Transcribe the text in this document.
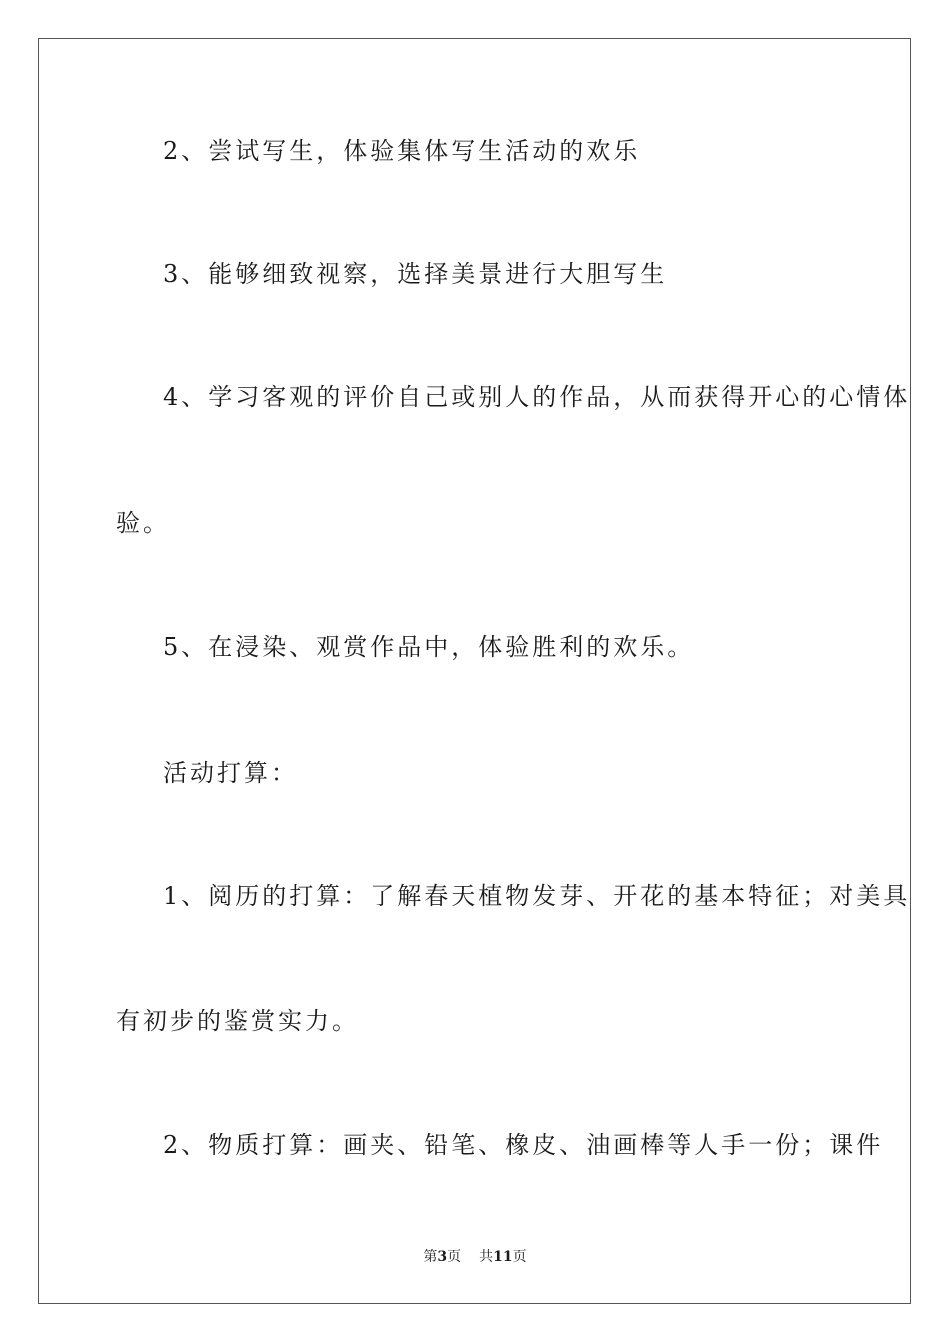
2、尝试写生，体验集体写生活动的欢乐
3、能够细致视察，选择美景进行大胆写生
4、学习客观的评价自己或别人的作品，从而获得开心的心情体
验。
5、在浸染、观赏作品中，体验胜利的欢乐。
活动打算：
1、阅历的打算：了解春天植物发芽、开花的基本特征；对美具
有初步的鉴赏实力。
2、物质打算：画夹、铅笔、橡皮、油画棒等人手一份；课件
第3页 共11页
